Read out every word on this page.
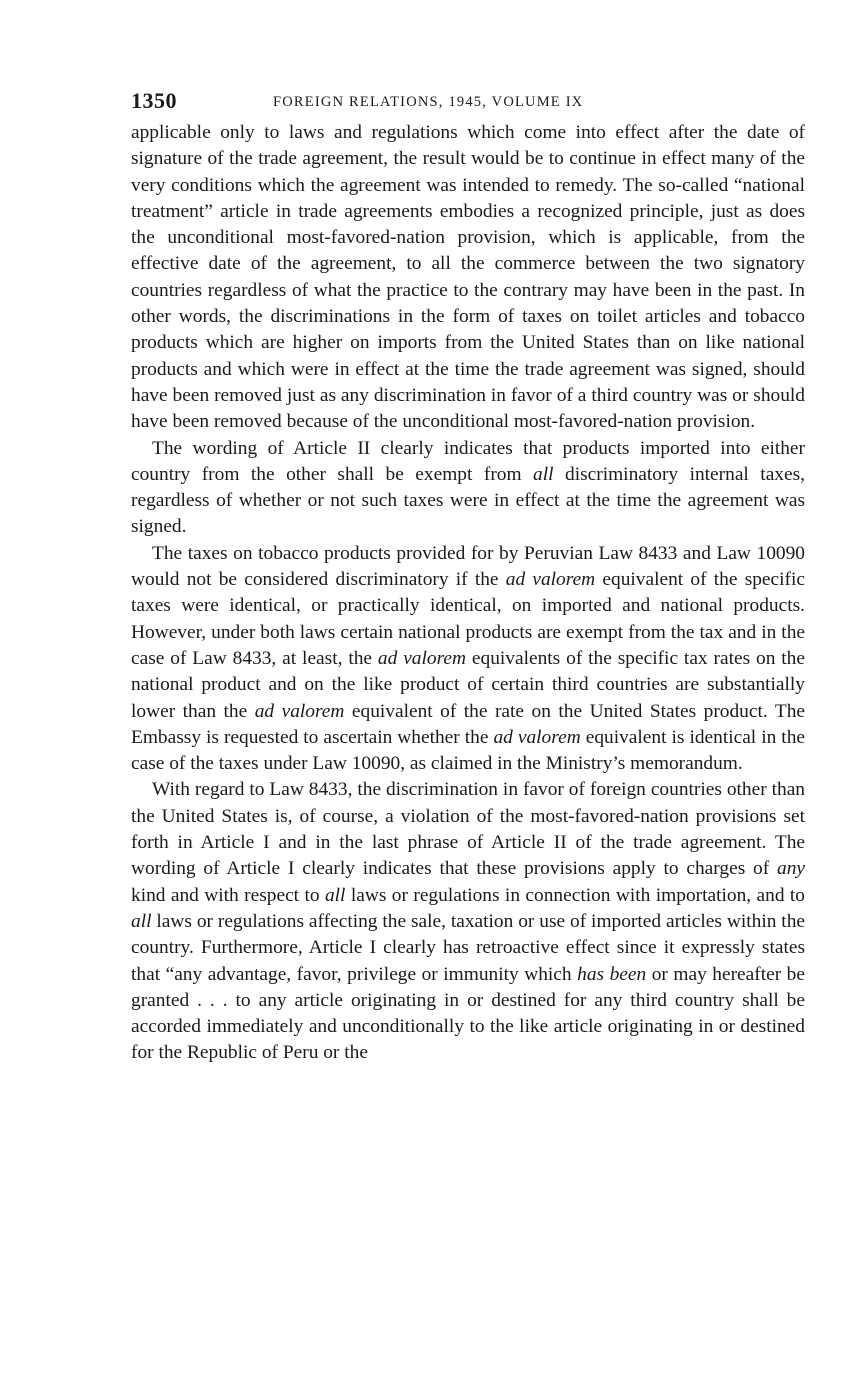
1350	FOREIGN RELATIONS, 1945, VOLUME IX

applicable only to laws and regulations which come into effect after the date of signature of the trade agreement, the result would be to continue in effect many of the very conditions which the agreement was intended to remedy. The so-called “national treatment” article in trade agreements embodies a recognized principle, just as does the unconditional most-favored-nation provision, which is applicable, from the effective date of the agreement, to all the commerce between the two signatory countries regardless of what the practice to the contrary may have been in the past. In other words, the discriminations in the form of taxes on toilet articles and tobacco products which are higher on imports from the United States than on like national products and which were in effect at the time the trade agreement was signed, should have been removed just as any discrimination in favor of a third country was or should have been removed because of the unconditional most-favored-nation provision.

The wording of Article II clearly indicates that products imported into either country from the other shall be exempt from all discriminatory internal taxes, regardless of whether or not such taxes were in effect at the time the agreement was signed.

The taxes on tobacco products provided for by Peruvian Law 8433 and Law 10090 would not be considered discriminatory if the ad valorem equivalent of the specific taxes were identical, or practically identical, on imported and national products. However, under both laws certain national products are exempt from the tax and in the case of Law 8433, at least, the ad valorem equivalents of the specific tax rates on the national product and on the like product of certain third countries are substantially lower than the ad valorem equivalent of the rate on the United States product. The Embassy is requested to ascertain whether the ad valorem equivalent is identical in the case of the taxes under Law 10090, as claimed in the Ministry’s memorandum.

With regard to Law 8433, the discrimination in favor of foreign countries other than the United States is, of course, a violation of the most-favored-nation provisions set forth in Article I and in the last phrase of Article II of the trade agreement. The wording of Article I clearly indicates that these provisions apply to charges of any kind and with respect to all laws or regulations in connection with importation, and to all laws or regulations affecting the sale, taxation or use of imported articles within the country. Furthermore, Article I clearly has retroactive effect since it expressly states that “any advantage, favor, privilege or immunity which has been or may hereafter be granted . . . to any article originating in or destined for any third country shall be accorded immediately and unconditionally to the like article originating in or destined for the Republic of Peru or the
